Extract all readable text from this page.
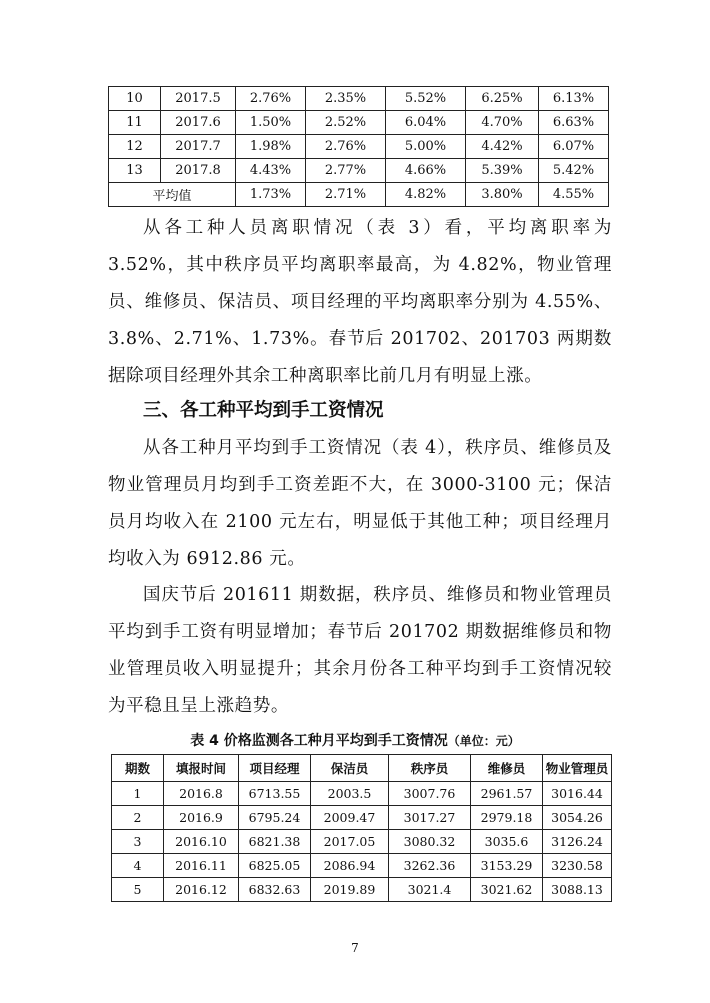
10	2017.5	2.76%	2.35%	5.52%	6.25%	6.13%
11	2017.6	1.50%	2.52%	6.04%	4.70%	6.63%
12	2017.7	1.98%	2.76%	5.00%	4.42%	6.07%
13	2017.8	4.43%	2.77%	4.66%	5.39%	5.42%
平均值		1.73%	2.71%	4.82%	3.80%	4.55%

从各工种人员离职情况（表 3）看，平均离职率为 3.52%，其中秩序员平均离职率最高，为 4.82%，物业管理员、维修员、保洁员、项目经理的平均离职率分别为 4.55%、3.8%、2.71%、1.73%。春节后 201702、201703 两期数据除项目经理外其余工种离职率比前几月有明显上涨。

三、各工种平均到手工资情况

从各工种月平均到手工资情况（表 4），秩序员、维修员及物业管理员月均到手工资差距不大，在 3000-3100 元；保洁员月均收入在 2100 元左右，明显低于其他工种；项目经理月均收入为 6912.86 元。

国庆节后 201611 期数据，秩序员、维修员和物业管理员平均到手工资有明显增加；春节后 201702 期数据维修员和物业管理员收入明显提升；其余月份各工种平均到手工资情况较为平稳且呈上涨趋势。

表 4 价格监测各工种月平均到手工资情况（单位：元）
期数	填报时间	项目经理	保洁员	秩序员	维修员	物业管理员
1	2016.8	6713.55	2003.5	3007.76	2961.57	3016.44
2	2016.9	6795.24	2009.47	3017.27	2979.18	3054.26
3	2016.10	6821.38	2017.05	3080.32	3035.6	3126.24
4	2016.11	6825.05	2086.94	3262.36	3153.29	3230.58
5	2016.12	6832.63	2019.89	3021.4	3021.62	3088.13
7
